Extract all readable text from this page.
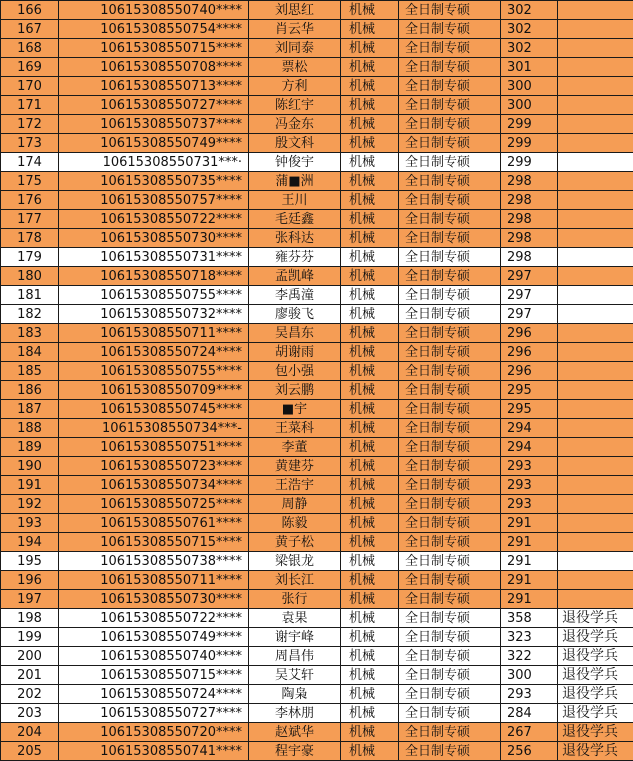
166	10615308550740****	刘思红	机械	全日制专硕	302	
167	10615308550754****	肖云华	机械	全日制专硕	302	
168	10615308550715****	刘同泰	机械	全日制专硕	302	
169	10615308550708****	票松	机械	全日制专硕	301	
170	10615308550713****	方利	机械	全日制专硕	300	
171	10615308550727****	陈红宇	机械	全日制专硕	300	
172	10615308550737****	冯金东	机械	全日制专硕	299	
173	10615308550749****	殷文科	机械	全日制专硕	299	
174	10615308550731***·	钟俊宇	机械	全日制专硕	299	
175	10615308550735****	蒲■洲	机械	全日制专硕	298	
176	10615308550757****	王川	机械	全日制专硕	298	
177	10615308550722****	毛廷鑫	机械	全日制专硕	298	
178	10615308550730****	张科达	机械	全日制专硕	298	
179	10615308550731****	雍芬芬	机械	全日制专硕	298	
180	10615308550718****	孟凯峰	机械	全日制专硕	297	
181	10615308550755****	李禹潼	机械	全日制专硕	297	
182	10615308550732****	廖骏飞	机械	全日制专硕	297	
183	10615308550711****	吴昌东	机械	全日制专硕	296	
184	10615308550724****	胡谢雨	机械	全日制专硕	296	
185	10615308550755****	包小强	机械	全日制专硕	296	
186	10615308550709****	刘云鹏	机械	全日制专硕	295	
187	10615308550745****	■宇	机械	全日制专硕	295	
188	10615308550734***-	王菜科	机械	全日制专硕	294	
189	10615308550751****	李董	机械	全日制专硕	294	
190	10615308550723****	黄建芬	机械	全日制专硕	293	
191	10615308550734****	王浩宇	机械	全日制专硕	293	
192	10615308550725****	周静	机械	全日制专硕	293	
193	10615308550761****	陈毅	机械	全日制专硕	291	
194	10615308550715****	黄子松	机械	全日制专硕	291	
195	10615308550738****	梁银龙	机械	全日制专硕	291	
196	10615308550711****	刘长江	机械	全日制专硕	291	
197	10615308550730****	张行	机械	全日制专硕	291	
198	10615308550722****	袁果	机械	全日制专硕	358	退役学兵
199	10615308550749****	谢宇峰	机械	全日制专硕	323	退役学兵
200	10615308550740****	周昌伟	机械	全日制专硕	322	退役学兵
201	10615308550715****	吴艾轩	机械	全日制专硕	300	退役学兵
202	10615308550724****	陶枭	机械	全日制专硕	293	退役学兵
203	10615308550727****	李林朋	机械	全日制专硕	284	退役学兵
204	10615308550720****	赵斌华	机械	全日制专硕	267	退役学兵
205	10615308550741****	程宇豪	机械	全日制专硕	256	退役学兵
